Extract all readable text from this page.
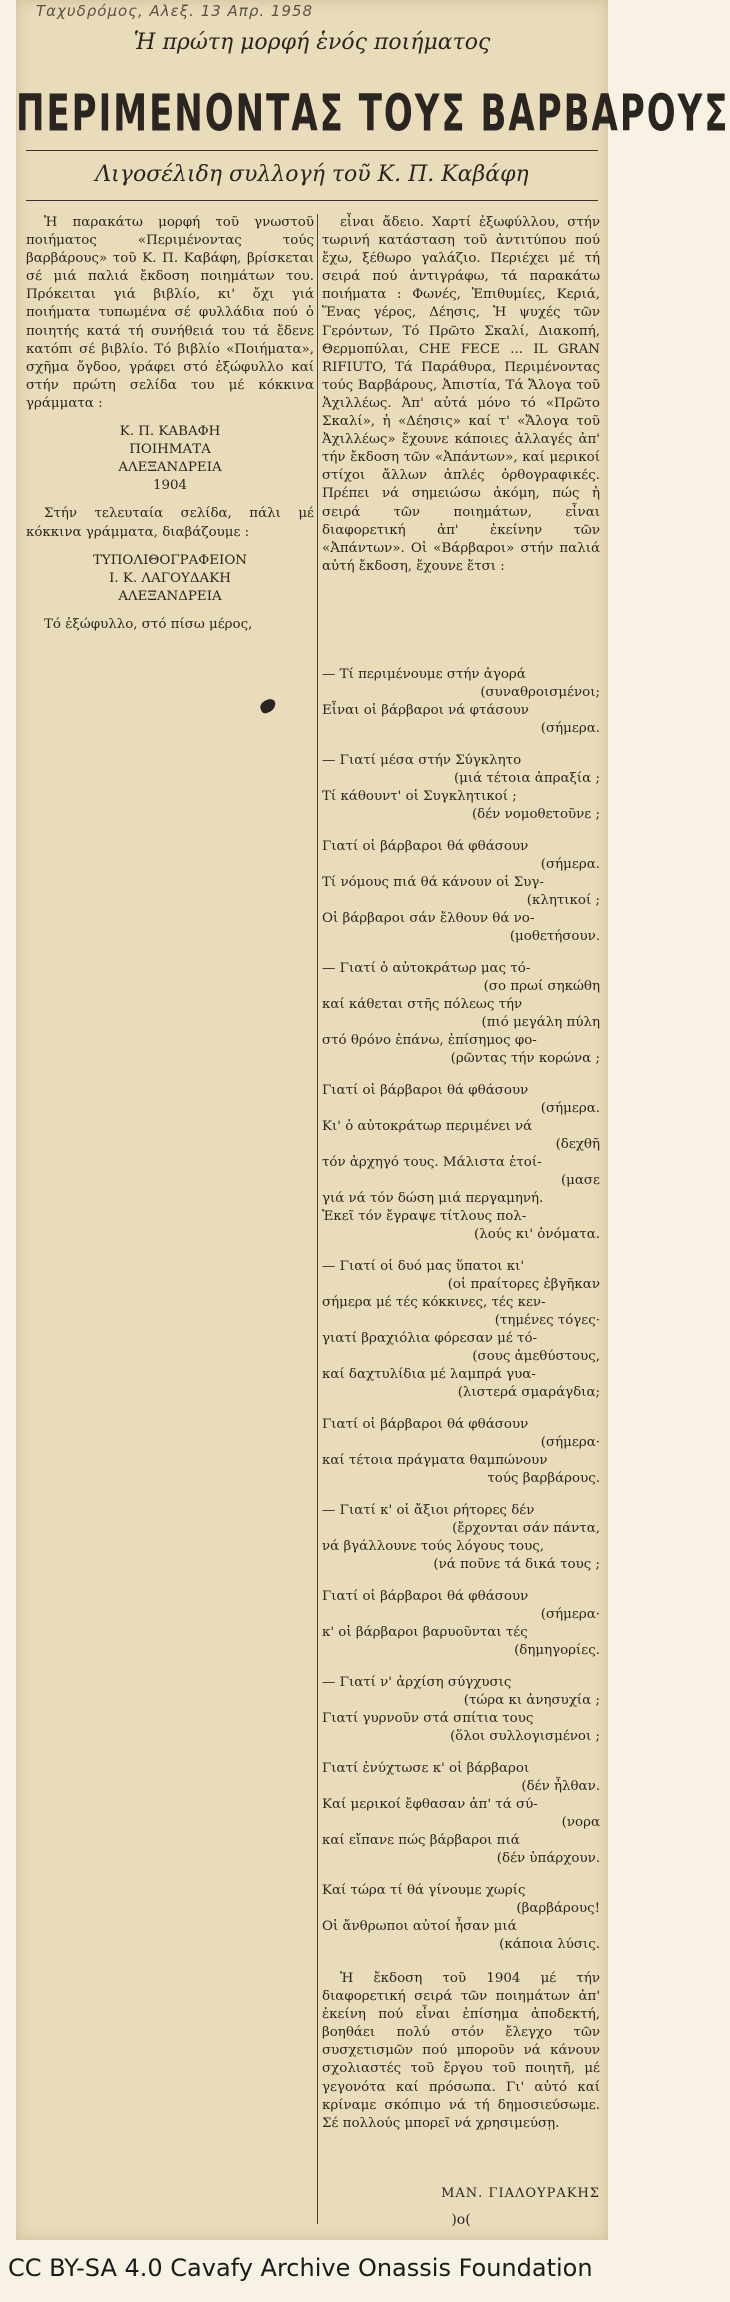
Ταχυδρόμος, Αλεξ. 13 Απρ. 1958
Ἡ πρώτη μορφή ἑνός ποιήματος
ΠΕΡΙΜΕΝΟΝΤΑΣ ΤΟΥΣ ΒΑΡΒΑΡΟΥΣ
Λιγοσέλιδη συλλογή τοῦ Κ. Π. Καβάφη

Ἡ παρακάτω μορφή τοῦ γνωστοῦ ποιήματος «Περιμένοντας τούς βαρβάρους» τοῦ Κ. Π. Καβάφη, βρίσκεται σέ μιά παλιά ἔκδοση ποιημάτων του. Πρόκειται γιά βιβλίο, κι' ὄχι γιά ποιήματα τυπωμένα σέ φυλλάδια πού ὁ ποιητής κατά τή συνήθειά του τά ἔδενε κατόπι σέ βιβλίο. Τό βιβλίο «Ποιήματα», σχῆμα ὄγδοο, γράφει στό ἐξώφυλλο καί στήν πρώτη σελίδα του μέ κόκκινα γράμματα :

Κ. Π. ΚΑΒΑΦΗ
ΠΟΙΗΜΑΤΑ
ΑΛΕΞΑΝΔΡΕΙΑ
1904

Στήν τελευταία σελίδα, πάλι μέ κόκκινα γράμματα, διαβάζουμε :

ΤΥΠΟΛΙΘΟΓΡΑΦΕΙΟΝ
Ι. Κ. ΛΑΓΟΥΔΑΚΗ
ΑΛΕΞΑΝΔΡΕΙΑ

Τό ἐξώφυλλο, στό πίσω μέρος,

εἶναι ἄδειο. Χαρτί ἐξωφύλλου, στήν τωρινή κατάσταση τοῦ ἀντιτύπου πού ἔχω, ξέθωρο γαλάζιο. Περιέχει μέ τή σειρά πού ἀντιγράφω, τά παρακάτω ποιήματα : Φωνές, Ἐπιθυμίες, Κεριά, Ἕνας γέρος, Δέησις, Ἡ ψυχές τῶν Γερόντων, Τό Πρῶτο Σκαλί, Διακοπή, Θερμοπύλαι, CHE FECE ... IL GRAN RIFIUTO, Τά Παράθυρα, Περιμένοντας τούς Βαρβάρους, Ἀπιστία, Τά Ἄλογα τοῦ Ἀχιλλέως. Ἀπ' αὐτά μόνο τό «Πρῶτο Σκαλί», ἡ «Δέησις» καί τ' «Ἄλογα τοῦ Ἀχιλλέως» ἔχουνε κάποιες ἀλλαγές ἀπ' τήν ἔκδοση τῶν «Ἀπάντων», καί μερικοί στίχοι ἄλλων ἁπλές ὀρθογραφικές. Πρέπει νά σημειώσω ἀκόμη, πώς ἡ σειρά τῶν ποιημάτων, εἶναι διαφορετική ἀπ' ἐκείνην τῶν «Ἀπάντων». Οἱ «Βάρβαροι» στήν παλιά αὐτή ἔκδοση, ἔχουνε ἔτσι :

— Τί περιμένουμε στήν ἀγορά
(συναθροισμένοι;
Εἶναι οἱ βάρβαροι νά φτάσουν
(σήμερα.
— Γιατί μέσα στήν Σύγκλητο
(μιά τέτοια ἀπραξία ;
Τί κάθουντ' οἱ Συγκλητικοί ;
(δέν νομοθετοῦνε ;
Γιατί οἱ βάρβαροι θά φθάσουν
(σήμερα.
Τί νόμους πιά θά κάνουν οἱ Συγ-
(κλητικοί ;
Οἱ βάρβαροι σάν ἔλθουν θά νο-
(μοθετήσουν.
— Γιατί ὁ αὐτοκράτωρ μας τό-
(σο πρωί σηκώθη
καί κάθεται στῆς πόλεως τήν
(πιό μεγάλη πύλη
στό θρόνο ἐπάνω, ἐπίσημος φο-
(ρῶντας τήν κορώνα ;
Γιατί οἱ βάρβαροι θά φθάσουν
(σήμερα.
Κι' ὁ αὐτοκράτωρ περιμένει νά
(δεχθῆ
τόν ἀρχηγό τους. Μάλιστα ἑτοί-
(μασε
γιά νά τόν δώση μιά περγαμηνή.
Ἐκεῖ τόν ἔγραψε τίτλους πολ-
(λούς κι' ὀνόματα.
— Γιατί οἱ δυό μας ὕπατοι κι'
(οἱ πραίτορες ἐβγῆκαν
σήμερα μέ τές κόκκινες, τές κεν-
(τημένες τόγες·
γιατί βραχιόλια φόρεσαν μέ τό-
(σους ἀμεθύστους,
καί δαχτυλίδια μέ λαμπρά γυα-
(λιστερά σμαράγδια;
Γιατί οἱ βάρβαροι θά φθάσουν
(σήμερα·
καί τέτοια πράγματα θαμπώνουν
τούς βαρβάρους.
— Γιατί κ' οἱ ἄξιοι ρήτορες δέν
(ἔρχονται σάν πάντα,
νά βγάλλουνε τούς λόγους τους,
(νά ποῦνε τά δικά τους ;
Γιατί οἱ βάρβαροι θά φθάσουν
(σήμερα·
κ' οἱ βάρβαροι βαρυοῦνται τές
(δημηγορίες.
— Γιατί ν' ἀρχίση σύγχυσις
(τώρα κι ἀνησυχία ;
Γιατί γυρνοῦν στά σπίτια τους
(ὅλοι συλλογισμένοι ;
Γιατί ἐνύχτωσε κ' οἱ βάρβαροι
(δέν ἦλθαν.
Καί μερικοί ἔφθασαν ἀπ' τά σύ-
(νορα
καί εἴπανε πώς βάρβαροι πιά
(δέν ὑπάρχουν.
Καί τώρα τί θά γίνουμε χωρίς
(βαρβάρους!
Οἱ ἄνθρωποι αὐτοί ἦσαν μιά
(κάποια λύσις.

Ἡ ἔκδοση τοῦ 1904 μέ τήν διαφορετική σειρά τῶν ποιημάτων ἀπ' ἐκείνη πού εἶναι ἐπίσημα ἀποδεκτή, βοηθάει πολύ στόν ἔλεγχο τῶν συσχετισμῶν πού μποροῦν νά κάνουν σχολιαστές τοῦ ἔργου τοῦ ποιητῆ, μέ γεγονότα καί πρόσωπα. Γι' αὐτό καί κρίναμε σκόπιμο νά τή δημοσιεύσωμε. Σέ πολλούς μπορεῖ νά χρησιμεύσῃ.

ΜΑΝ. ΓΙΑΛΟΥΡΑΚΗΣ
)o(
CC BY-SA 4.0 Cavafy Archive Onassis Foundation
